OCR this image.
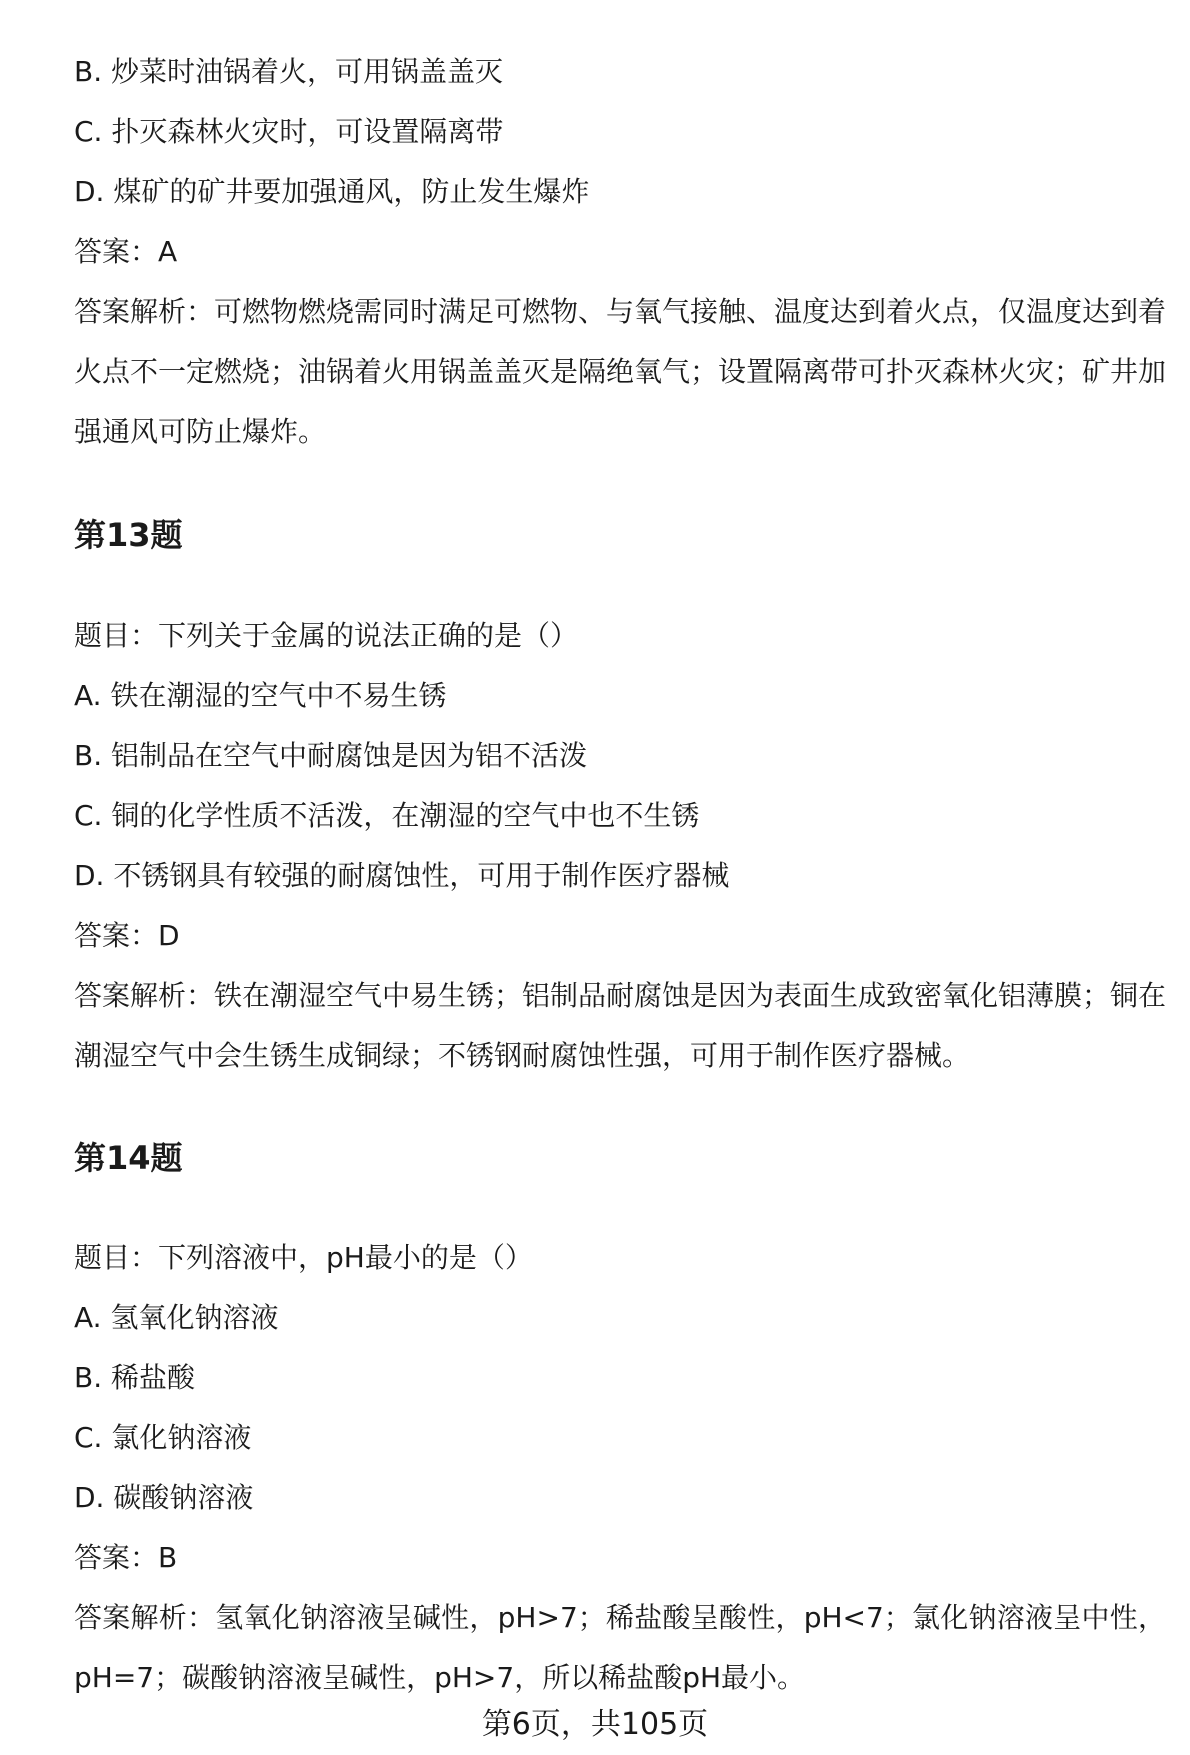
B. 炒菜时油锅着火，可用锅盖盖灭
C. 扑灭森林火灾时，可设置隔离带
D. 煤矿的矿井要加强通风，防止发生爆炸
答案：A
答案解析：可燃物燃烧需同时满足可燃物、与氧气接触、温度达到着火点，仅温度达到着火点不一定燃烧；油锅着火用锅盖盖灭是隔绝氧气；设置隔离带可扑灭森林火灾；矿井加强通风可防止爆炸。
第13题
题目：下列关于金属的说法正确的是（）
A. 铁在潮湿的空气中不易生锈
B. 铝制品在空气中耐腐蚀是因为铝不活泼
C. 铜的化学性质不活泼，在潮湿的空气中也不生锈
D. 不锈钢具有较强的耐腐蚀性，可用于制作医疗器械
答案：D
答案解析：铁在潮湿空气中易生锈；铝制品耐腐蚀是因为表面生成致密氧化铝薄膜；铜在潮湿空气中会生锈生成铜绿；不锈钢耐腐蚀性强，可用于制作医疗器械。
第14题
题目：下列溶液中，pH最小的是（）
A. 氢氧化钠溶液
B. 稀盐酸
C. 氯化钠溶液
D. 碳酸钠溶液
答案：B
答案解析：氢氧化钠溶液呈碱性，pH>7；稀盐酸呈酸性，pH<7；氯化钠溶液呈中性，pH=7；碳酸钠溶液呈碱性，pH>7，所以稀盐酸pH最小。
第6页，共105页
